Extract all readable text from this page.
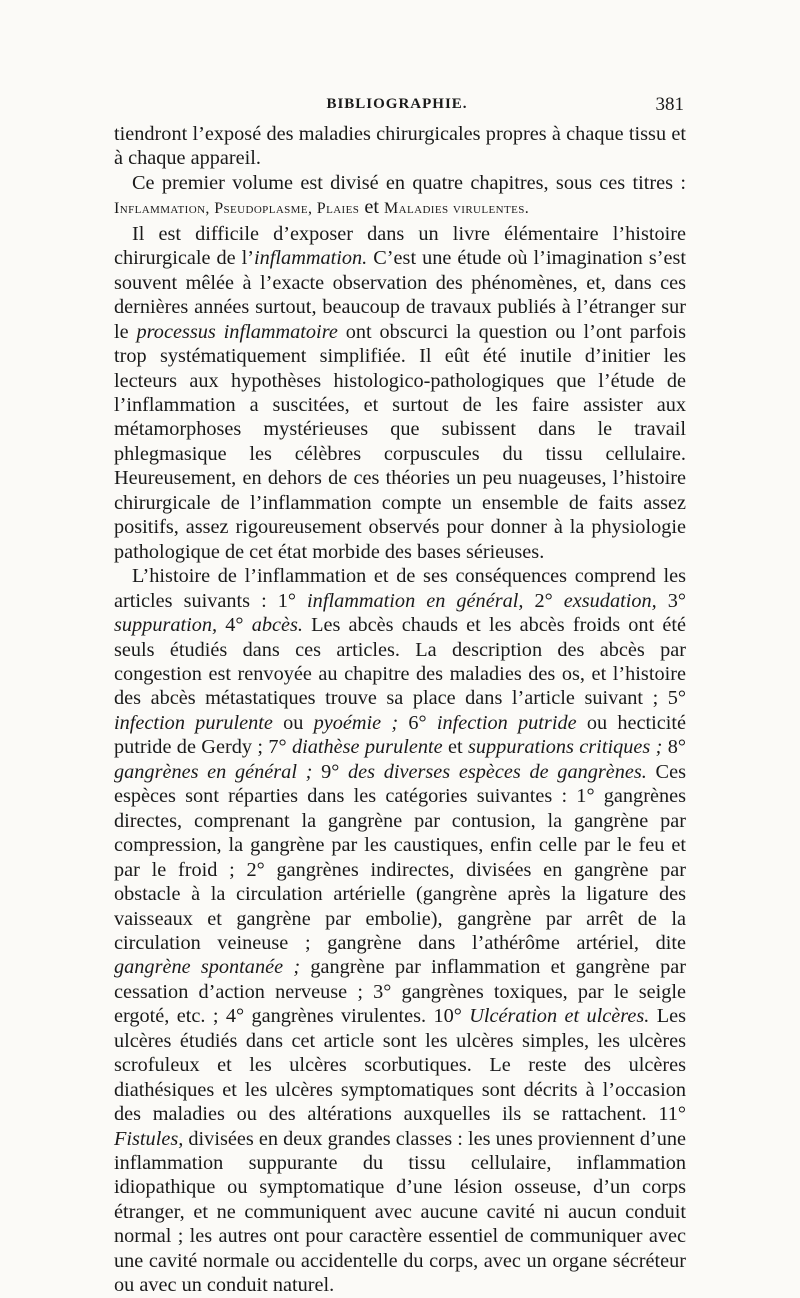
BIBLIOGRAPHIE.	381

tiendront l’exposé des maladies chirurgicales propres à chaque tissu et à chaque appareil.

Ce premier volume est divisé en quatre chapitres, sous ces titres : Inflammation, Pseudoplasme, Plaies et Maladies virulentes.

Il est difficile d’exposer dans un livre élémentaire l’histoire chirurgicale de l’inflammation. C’est une étude où l’imagination s’est souvent mêlée à l’exacte observation des phénomènes, et, dans ces dernières années surtout, beaucoup de travaux publiés à l’étranger sur le processus inflammatoire ont obscurci la question ou l’ont parfois trop systématiquement simplifiée. Il eût été inutile d’initier les lecteurs aux hypothèses histologico-pathologiques que l’étude de l’inflammation a suscitées, et surtout de les faire assister aux métamorphoses mystérieuses que subissent dans le travail phlegmasique les célèbres corpuscules du tissu cellulaire. Heureusement, en dehors de ces théories un peu nuageuses, l’histoire chirurgicale de l’inflammation compte un ensemble de faits assez positifs, assez rigoureusement observés pour donner à la physiologie pathologique de cet état morbide des bases sérieuses.

L’histoire de l’inflammation et de ses conséquences comprend les articles suivants : 1° inflammation en général, 2° exsudation, 3° suppuration, 4° abcès. Les abcès chauds et les abcès froids ont été seuls étudiés dans ces articles. La description des abcès par congestion est renvoyée au chapitre des maladies des os, et l’histoire des abcès métastatiques trouve sa place dans l’article suivant ; 5° infection purulente ou pyoémie ; 6° infection putride ou hecticité putride de Gerdy ; 7° diathèse purulente et suppurations critiques ; 8° gangrènes en général ; 9° des diverses espèces de gangrènes. Ces espèces sont réparties dans les catégories suivantes : 1° gangrènes directes, comprenant la gangrène par contusion, la gangrène par compression, la gangrène par les caustiques, enfin celle par le feu et par le froid ; 2° gangrènes indirectes, divisées en gangrène par obstacle à la circulation artérielle (gangrène après la ligature des vaisseaux et gangrène par embolie), gangrène par arrêt de la circulation veineuse ; gangrène dans l’athérôme artériel, dite gangrène spontanée ; gangrène par inflammation et gangrène par cessation d’action nerveuse ; 3° gangrènes toxiques, par le seigle ergoté, etc. ; 4° gangrènes virulentes. 10° Ulcération et ulcères. Les ulcères étudiés dans cet article sont les ulcères simples, les ulcères scrofuleux et les ulcères scorbutiques. Le reste des ulcères diathésiques et les ulcères symptomatiques sont décrits à l’occasion des maladies ou des altérations auxquelles ils se rattachent. 11° Fistules, divisées en deux grandes classes : les unes proviennent d’une inflammation suppurante du tissu cellulaire, inflammation idiopathique ou symptomatique d’une lésion osseuse, d’un corps étranger, et ne communiquent avec aucune cavité ni aucun conduit normal ; les autres ont pour caractère essentiel de communiquer avec une cavité normale ou accidentelle du corps, avec un organe sécréteur ou avec un conduit naturel.
